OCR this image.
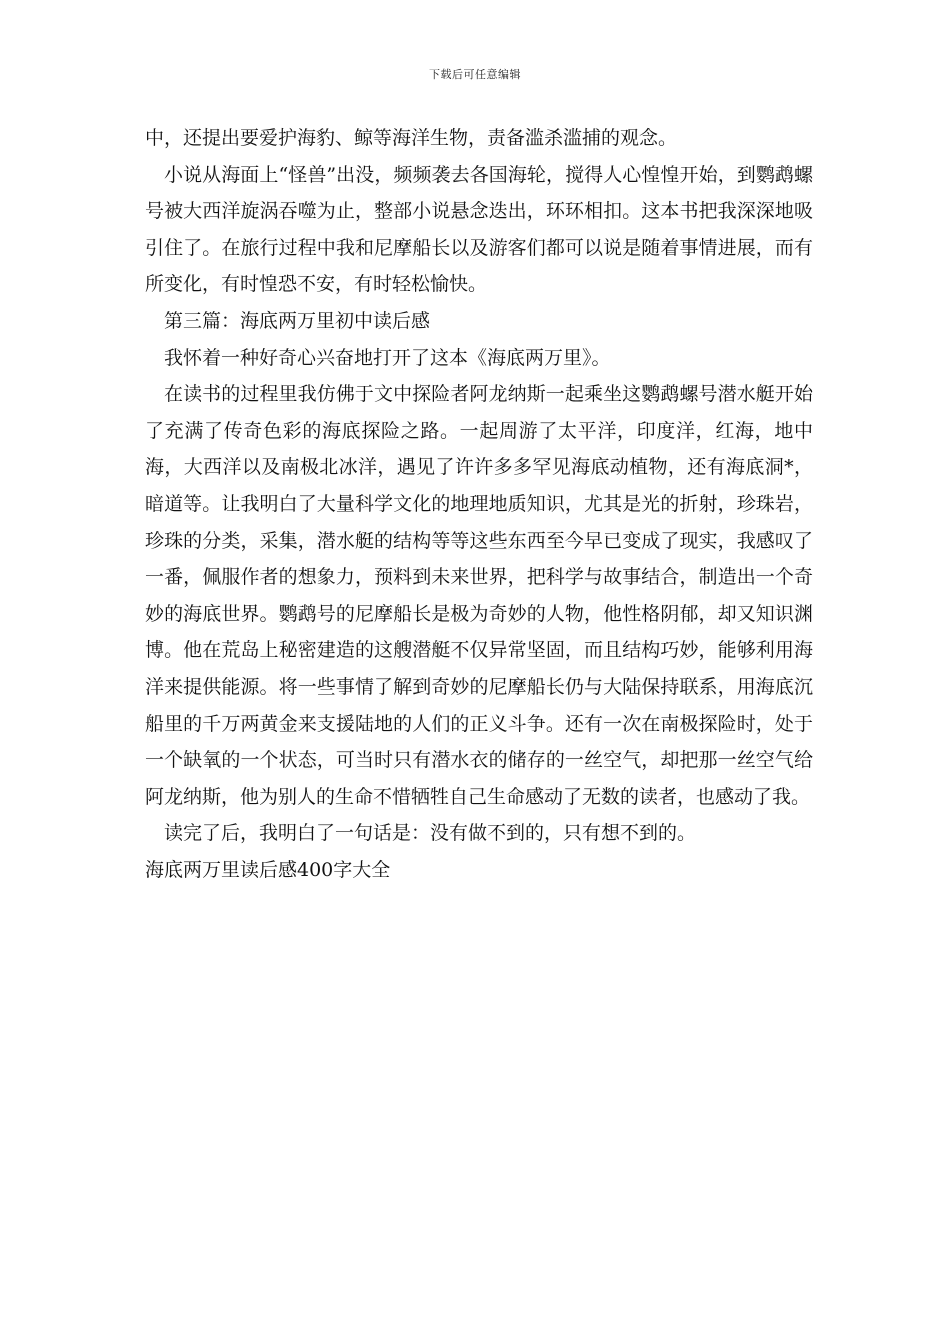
下载后可任意编辑

中，还提出要爱护海豹、鲸等海洋生物，责备滥杀滥捕的观念。

小说从海面上“怪兽”出没，频频袭去各国海轮，搅得人心惶惶开始，到鹦鹉螺号被大西洋旋涡吞噬为止，整部小说悬念迭出，环环相扣。这本书把我深深地吸引住了。在旅行过程中我和尼摩船长以及游客们都可以说是随着事情进展，而有所变化，有时惶恐不安，有时轻松愉快。

第三篇：海底两万里初中读后感

我怀着一种好奇心兴奋地打开了这本《海底两万里》。

在读书的过程里我仿佛于文中探险者阿龙纳斯一起乘坐这鹦鹉螺号潜水艇开始了充满了传奇色彩的海底探险之路。一起周游了太平洋，印度洋，红海，地中海，大西洋以及南极北冰洋，遇见了许许多多罕见海底动植物，还有海底洞*，暗道等。让我明白了大量科学文化的地理地质知识，尤其是光的折射，珍珠岩，珍珠的分类，采集，潜水艇的结构等等这些东西至今早已变成了现实，我感叹了一番，佩服作者的想象力，预料到未来世界，把科学与故事结合，制造出一个奇妙的海底世界。鹦鹉号的尼摩船长是极为奇妙的人物，他性格阴郁，却又知识渊博。他在荒岛上秘密建造的这艘潜艇不仅异常坚固，而且结构巧妙，能够利用海洋来提供能源。将一些事情了解到奇妙的尼摩船长仍与大陆保持联系，用海底沉船里的千万两黄金来支援陆地的人们的正义斗争。还有一次在南极探险时，处于一个缺氧的一个状态，可当时只有潜水衣的储存的一丝空气，却把那一丝空气给阿龙纳斯，他为别人的生命不惜牺牲自己生命感动了无数的读者，也感动了我。

读完了后，我明白了一句话是：没有做不到的，只有想不到的。

海底两万里读后感400字大全
